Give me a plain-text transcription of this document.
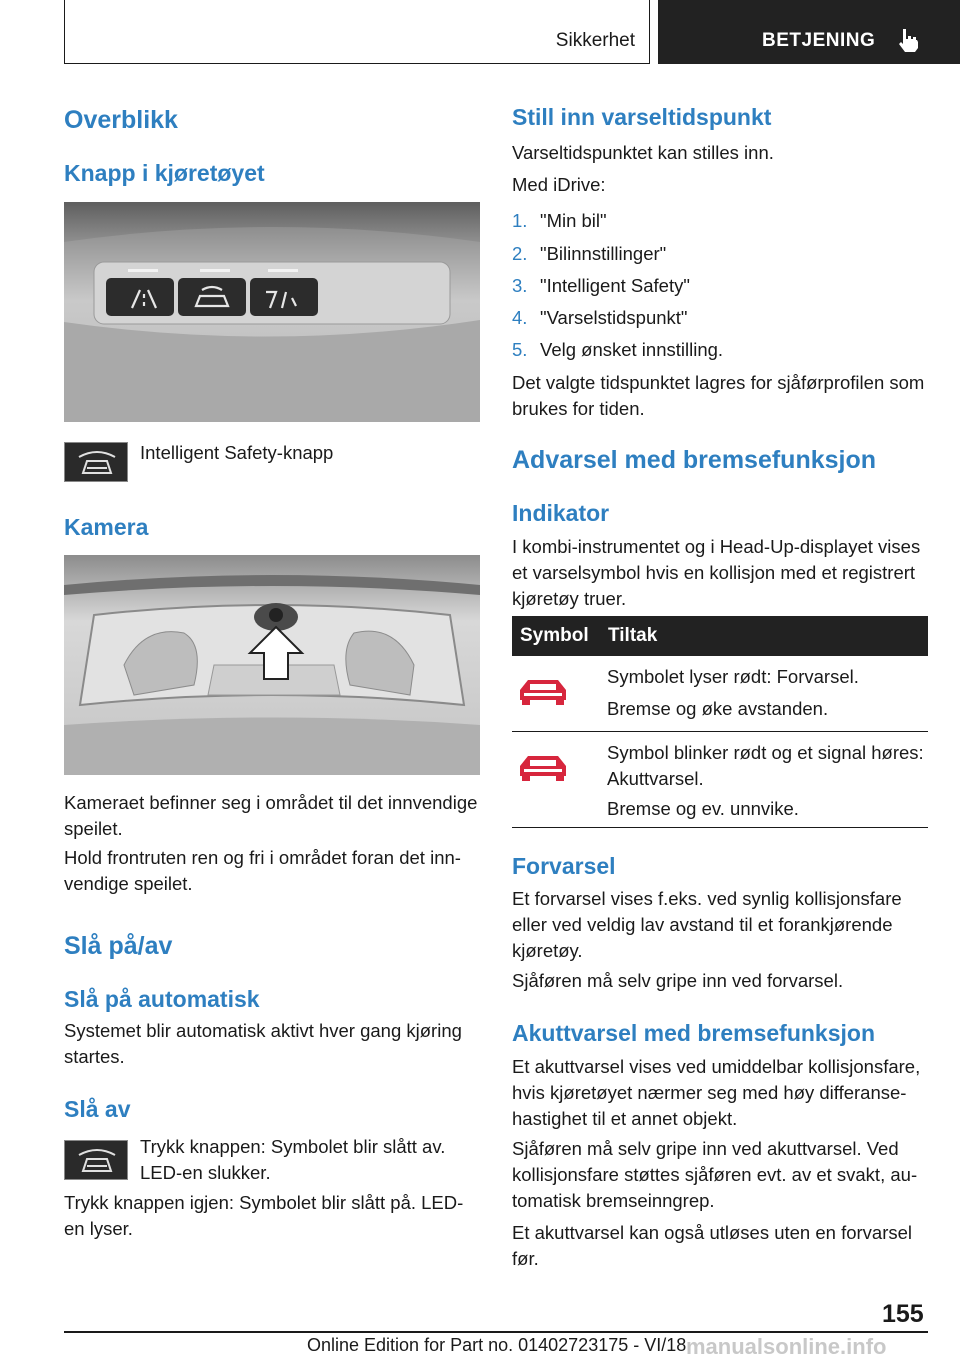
Sikkerhet	BETJENING
Overblikk
Knapp i kjøretøyet
Intelligent Safety-knapp
Kamera
Kameraet befinner seg i området til det innvendige speilet.
Hold frontruten ren og fri i området foran det innvendige speilet.
Slå på/av
Slå på automatisk
Systemet blir automatisk aktivt hver gang kjøring startes.
Slå av
Trykk knappen: Symbolet blir slått av. LED-en slukker.
Trykk knappen igjen: Symbolet blir slått på. LED-en lyser.
Still inn varseltidspunkt
Varseltidspunktet kan stilles inn.
Med iDrive:
1. "Min bil"
2. "Bilinnstillinger"
3. "Intelligent Safety"
4. "Varselstidspunkt"
5. Velg ønsket innstilling.
Det valgte tidspunktet lagres for sjåførprofilen som brukes for tiden.
Advarsel med bremsefunksjon
Indikator
I kombi-instrumentet og i Head-Up-displayet vises et varselsymbol hvis en kollisjon med et registrert kjøretøy truer.
Symbol Tiltak
Symbolet lyser rødt: Forvarsel.
Bremse og øke avstanden.
Symbol blinker rødt og et signal høres: Akuttvarsel.
Bremse og ev. unnvike.
Forvarsel
Et forvarsel vises f.eks. ved synlig kollisjonsfare eller ved veldig lav avstand til et forankjørende kjøretøy.
Sjåføren må selv gripe inn ved forvarsel.
Akuttvarsel med bremsefunksjon
Et akuttvarsel vises ved umiddelbar kollisjonsfare, hvis kjøretøyet nærmer seg med høy differansehastighet til et annet objekt.
Sjåføren må selv gripe inn ved akuttvarsel. Ved kollisjonsfare støttes sjåføren evt. av et svakt, automatisk bremseinngrep.
Et akuttvarsel kan også utløses uten en forvarsel før.
155
Online Edition for Part no. 01402723175 - VI/18 manualsonline.info
